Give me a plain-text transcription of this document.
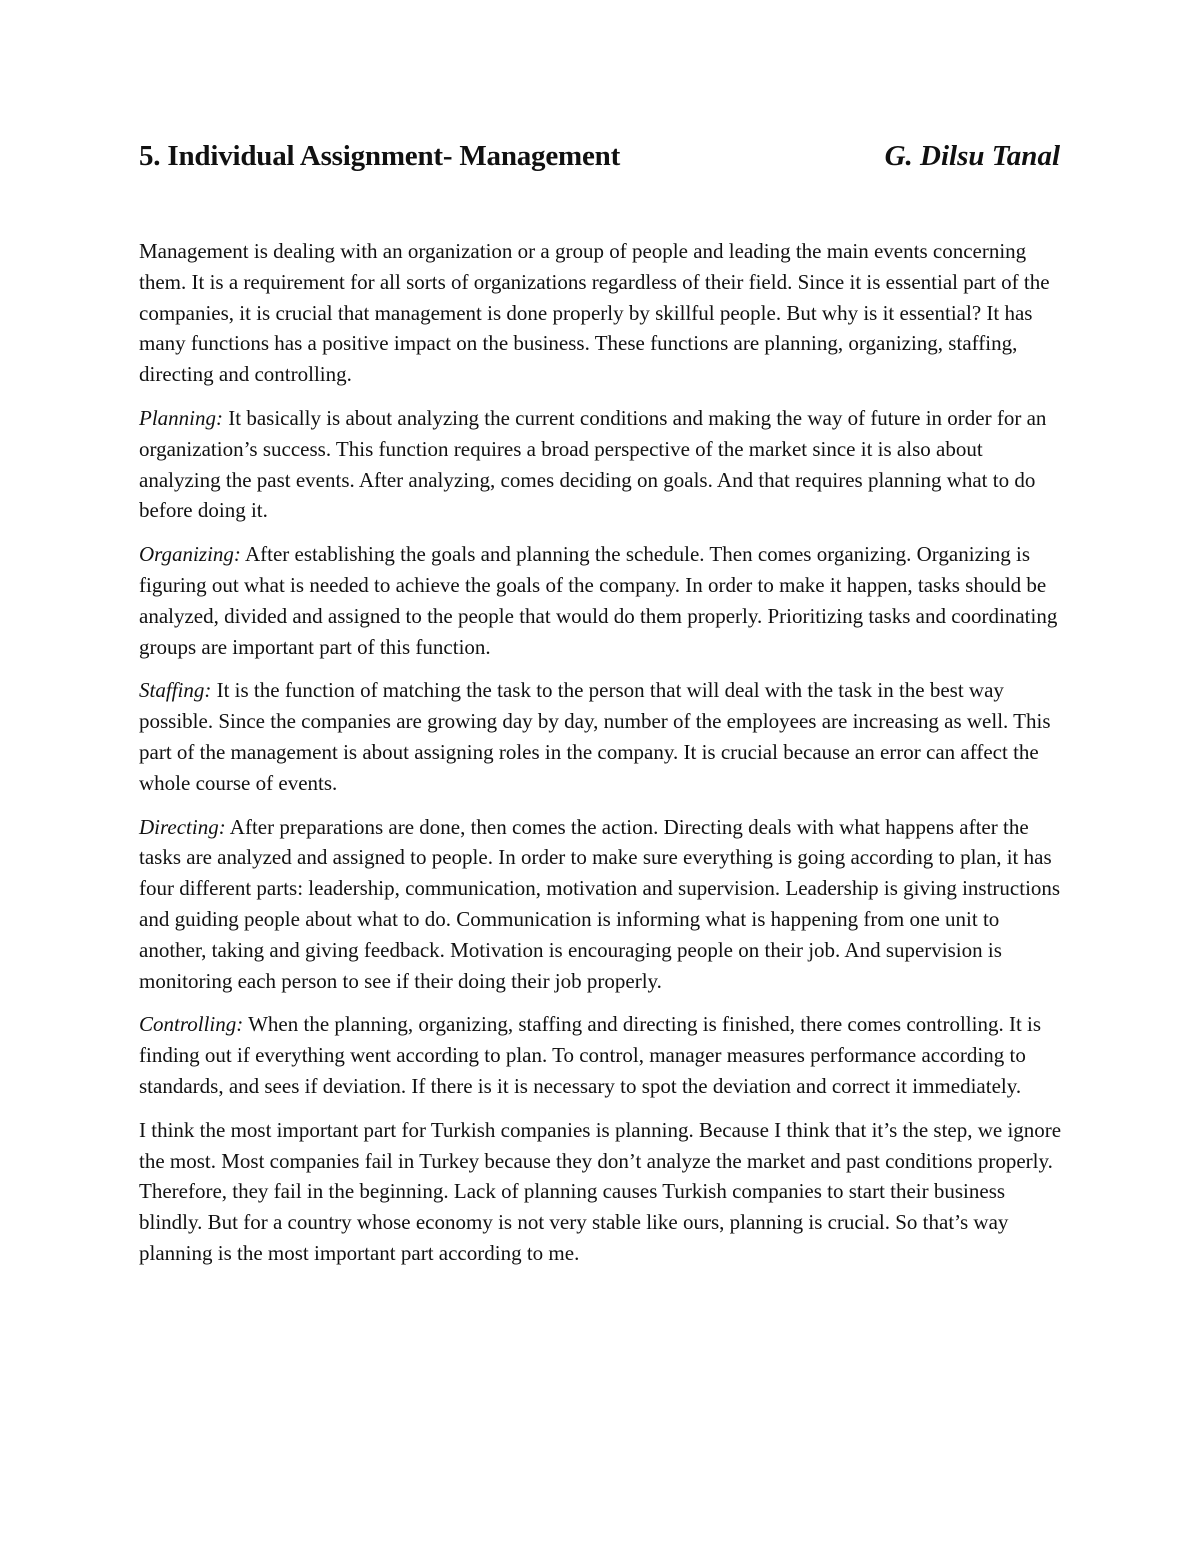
5. Individual Assignment- Management	G. Dilsu Tanal

Management is dealing with an organization or a group of people and leading the main events concerning them. It is a requirement for all sorts of organizations regardless of their field. Since it is essential part of the companies, it is crucial that management is done properly by skillful people. But why is it essential? It has many functions has a positive impact on the business. These functions are planning, organizing, staffing, directing and controlling.

Planning: It basically is about analyzing the current conditions and making the way of future in order for an organization’s success. This function requires a broad perspective of the market since it is also about analyzing the past events. After analyzing, comes deciding on goals. And that requires planning what to do before doing it.

Organizing: After establishing the goals and planning the schedule. Then comes organizing. Organizing is figuring out what is needed to achieve the goals of the company. In order to make it happen, tasks should be analyzed, divided and assigned to the people that would do them properly. Prioritizing tasks and coordinating groups are important part of this function.

Staffing: It is the function of matching the task to the person that will deal with the task in the best way possible. Since the companies are growing day by day, number of the employees are increasing as well. This part of the management is about assigning roles in the company. It is crucial because an error can affect the whole course of events.

Directing: After preparations are done, then comes the action. Directing deals with what happens after the tasks are analyzed and assigned to people. In order to make sure everything is going according to plan, it has four different parts: leadership, communication, motivation and supervision. Leadership is giving instructions and guiding people about what to do. Communication is informing what is happening from one unit to another, taking and giving feedback. Motivation is encouraging people on their job. And supervision is monitoring each person to see if their doing their job properly.

Controlling: When the planning, organizing, staffing and directing is finished, there comes controlling. It is finding out if everything went according to plan. To control, manager measures performance according to standards, and sees if deviation. If there is it is necessary to spot the deviation and correct it immediately.

I think the most important part for Turkish companies is planning. Because I think that it’s the step, we ignore the most. Most companies fail in Turkey because they don’t analyze the market and past conditions properly. Therefore, they fail in the beginning. Lack of planning causes Turkish companies to start their business blindly. But for a country whose economy is not very stable like ours, planning is crucial. So that’s way planning is the most important part according to me.
